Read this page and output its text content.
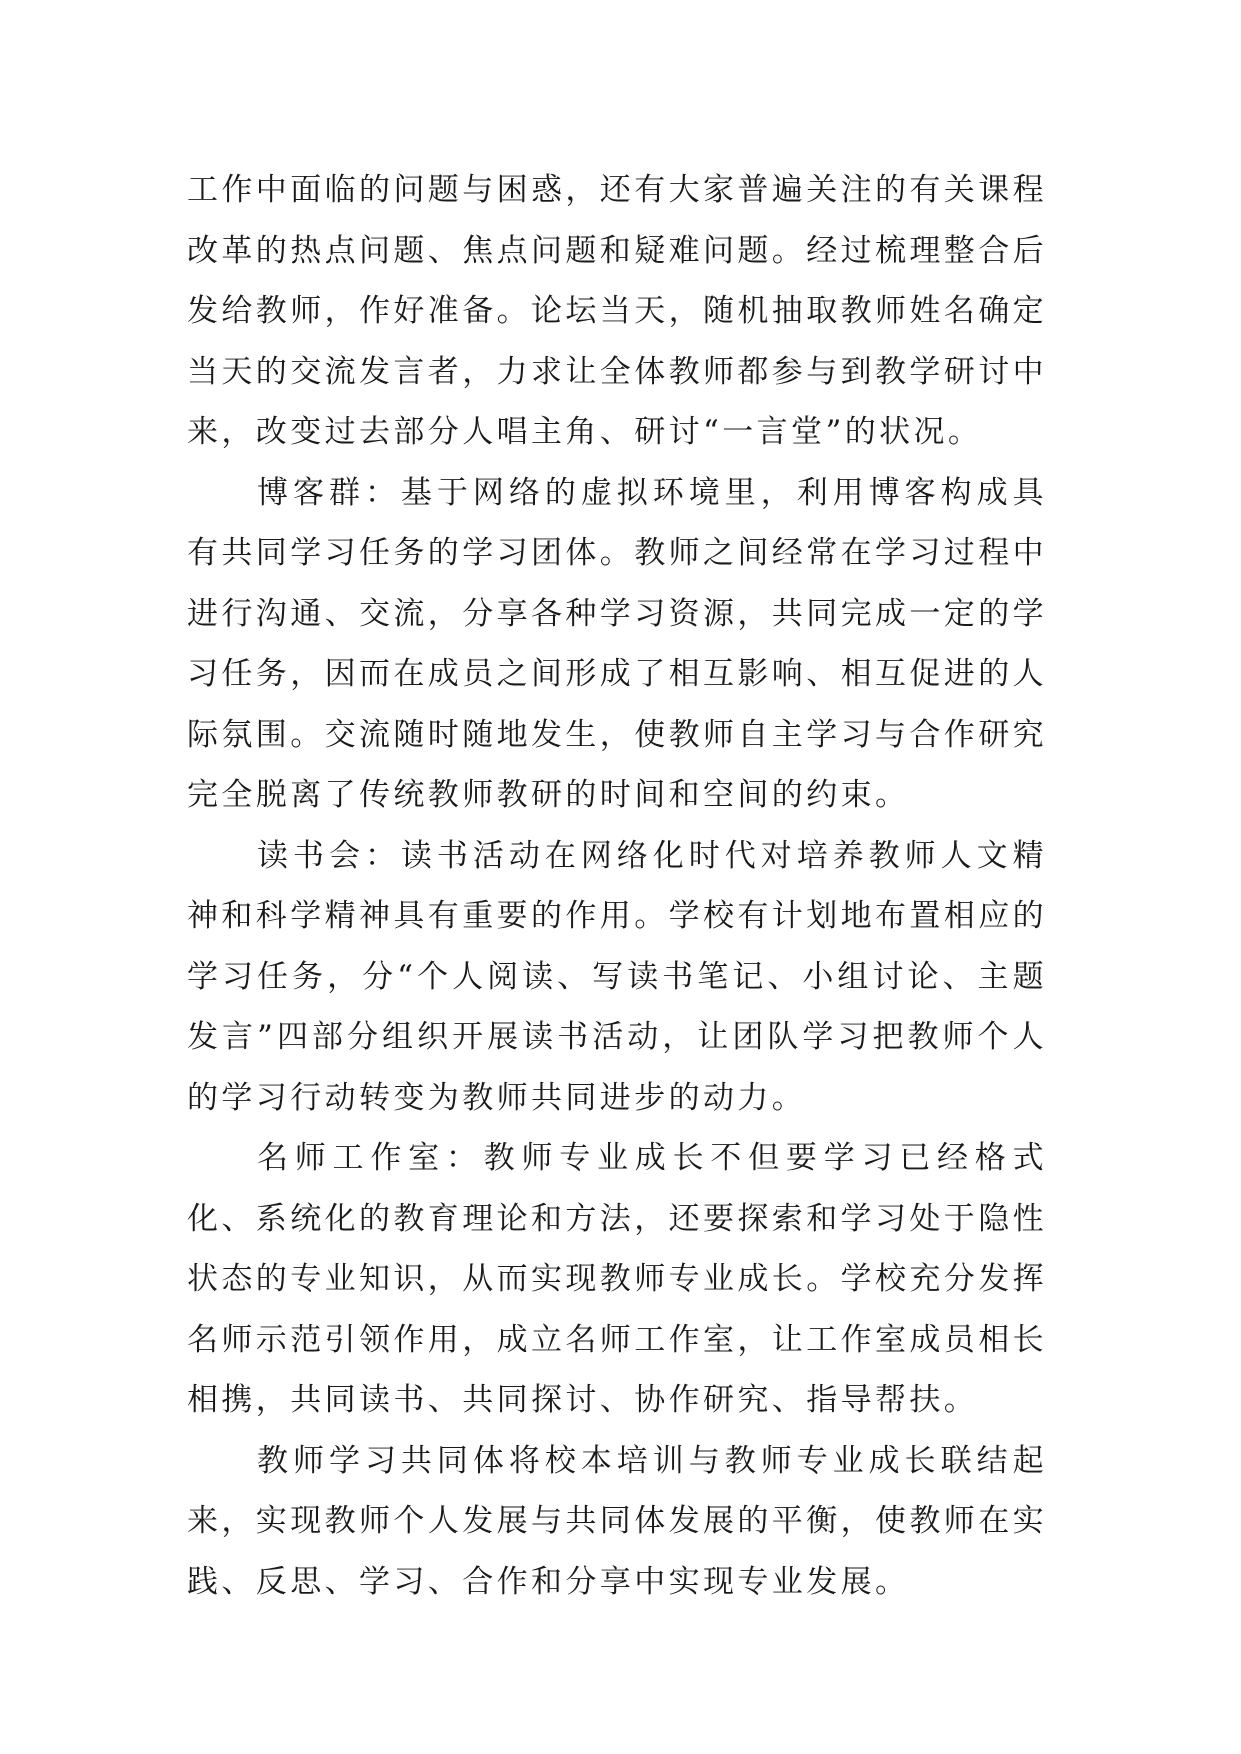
工作中面临的问题与困惑，还有大家普遍关注的有关课程改革的热点问题、焦点问题和疑难问题。经过梳理整合后发给教师，作好准备。论坛当天，随机抽取教师姓名确定当天的交流发言者，力求让全体教师都参与到教学研讨中来，改变过去部分人唱主角、研讨“一言堂”的状况。

博客群：基于网络的虚拟环境里，利用博客构成具有共同学习任务的学习团体。教师之间经常在学习过程中进行沟通、交流，分享各种学习资源，共同完成一定的学习任务，因而在成员之间形成了相互影响、相互促进的人际氛围。交流随时随地发生，使教师自主学习与合作研究完全脱离了传统教师教研的时间和空间的约束。

读书会：读书活动在网络化时代对培养教师人文精神和科学精神具有重要的作用。学校有计划地布置相应的学习任务，分“个人阅读、写读书笔记、小组讨论、主题发言”四部分组织开展读书活动，让团队学习把教师个人的学习行动转变为教师共同进步的动力。

名师工作室：教师专业成长不但要学习已经格式化、系统化的教育理论和方法，还要探索和学习处于隐性状态的专业知识，从而实现教师专业成长。学校充分发挥名师示范引领作用，成立名师工作室，让工作室成员相长相携，共同读书、共同探讨、协作研究、指导帮扶。

教师学习共同体将校本培训与教师专业成长联结起来，实现教师个人发展与共同体发展的平衡，使教师在实践、反思、学习、合作和分享中实现专业发展。
